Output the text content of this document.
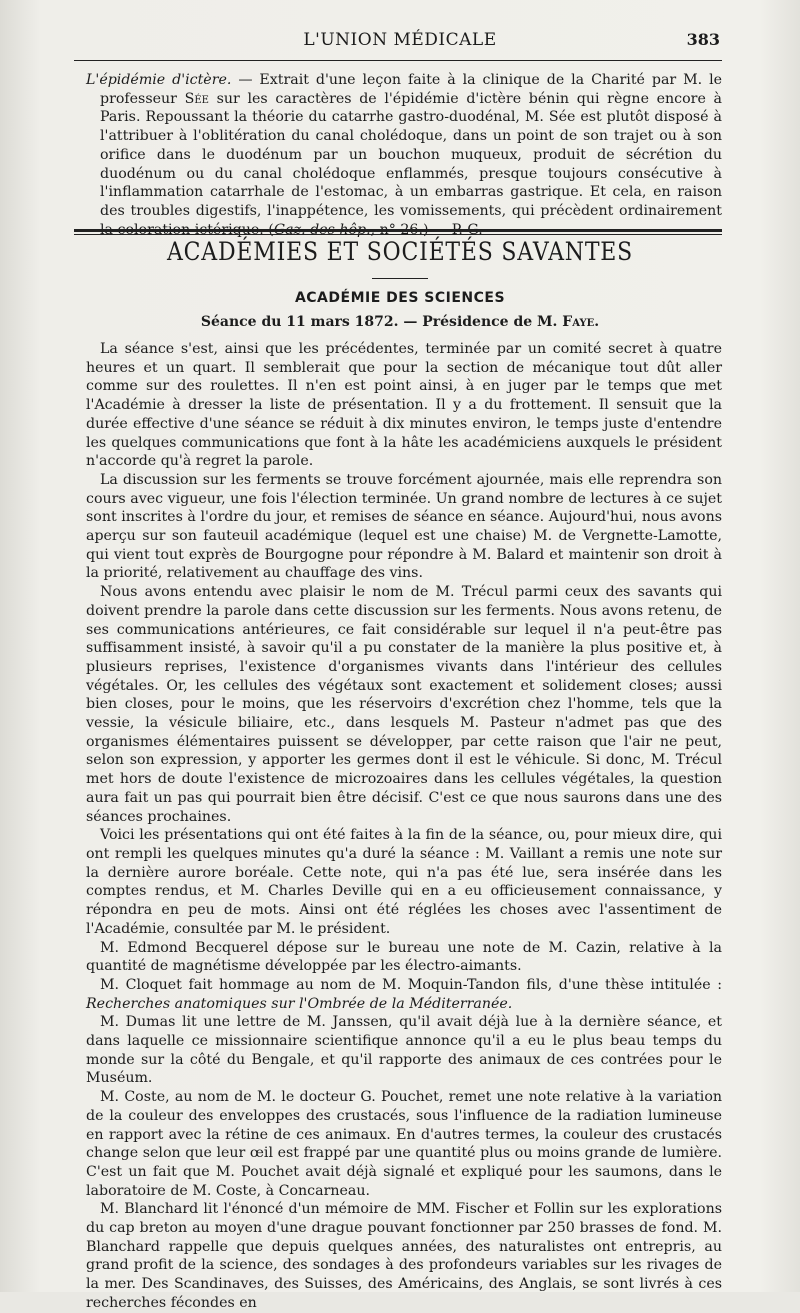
L'UNION MÉDICALE	383

L'épidémie d'ictère. — Extrait d'une leçon faite à la clinique de la Charité par M. le professeur Sée sur les caractères de l'épidémie d'ictère bénin qui règne encore à Paris. Repoussant la théorie du catarrhe gastro-duodénal, M. Sée est plutôt disposé à l'attribuer à l'oblitération du canal cholédoque, dans un point de son trajet ou à son orifice dans le duodénum par un bouchon muqueux, produit de sécrétion du duodénum ou du canal cholédoque enflammés, presque toujours consécutive à l'inflammation catarrhale de l'estomac, à un embarras gastrique. Et cela, en raison des troubles digestifs, l'inappétence, les vomissements, qui précèdent ordinairement

ACADÉMIES ET SOCIÉTÉS SAVANTES
ACADÉMIE DES SCIENCES
Séance du 11 mars 1872. — Présidence de M. Faye.

La séance s'est, ainsi que les précédentes, terminée par un comité secret à quatre heures et un quart. Il semblerait que pour la section de mécanique tout dût aller comme sur des roulettes. Il n'en est point ainsi, à en juger par le temps que met l'Académie à dresser la liste de présentation. Il y a du frottement. Il sensuit que la durée effective d'une séance se réduit à dix minutes environ, le temps juste d'entendre les quelques communications que font à la hâte les académiciens auxquels le président n'accorde qu'à regret la parole.

La discussion sur les ferments se trouve forcément ajournée, mais elle reprendra son cours avec vigueur, une fois l'élection terminée. Un grand nombre de lectures à ce sujet sont inscrites à l'ordre du jour, et remises de séance en séance. Aujourd'hui, nous avons aperçu sur son fauteuil académique (lequel est une chaise) M. de Vergnette-Lamotte, qui vient tout exprès de Bourgogne pour répondre à M. Balard et maintenir son droit à la priorité, relativement au chauffage des vins.

Nous avons entendu avec plaisir le nom de M. Trécul parmi ceux des savants qui doivent prendre la parole dans cette discussion sur les ferments. Nous avons retenu, de ses communications antérieures, ce fait considérable sur lequel il n'a peut-être pas suffisamment insisté, à savoir qu'il a pu constater de la manière la plus positive et, à plusieurs reprises, l'existence d'organismes vivants dans l'intérieur des cellules végétales. Or, les cellules des végétaux sont exactement et solidement closes; aussi bien closes, pour le moins, que les réservoirs d'excrétion chez l'homme, tels que la vessie, la vésicule biliaire, etc., dans lesquels M. Pasteur n'admet pas que des organismes élémentaires puissent se développer, par cette raison que l'air ne peut, selon son expression, y apporter les germes dont il est le véhicule. Si donc, M. Trécul met hors de doute l'existence de microzoaires dans les cellules végétales, la question aura fait un pas qui pourrait bien être décisif. C'est ce que nous saurons dans une des séances prochaines.

Voici les présentations qui ont été faites à la fin de la séance, ou, pour mieux dire, qui ont rempli les quelques minutes qu'a duré la séance : M. Vaillant a remis une note sur la dernière aurore boréale. Cette note, qui n'a pas été lue, sera insérée dans les comptes rendus, et M. Charles Deville qui en a eu officieusement connaissance, y répondra en peu de mots. Ainsi ont été réglées les choses avec l'assentiment de l'Académie, consultée par M. le président.

M. Edmond Becquerel dépose sur le bureau une note de M. Cazin, relative à la quantité de magnétisme développée par les électro-aimants.

M. Cloquet fait hommage au nom de M. Moquin-Tandon fils, d'une thèse intitulée : Recherches anatomiques sur l'Ombrée de la Méditerranée.

M. Dumas lit une lettre de M. Janssen, qu'il avait déjà lue à la dernière séance, et dans laquelle ce missionnaire scientifique annonce qu'il a eu le plus beau temps du monde sur la côté du Bengale, et qu'il rapporte des animaux de ces contrées pour le Muséum.

M. Coste, au nom de M. le docteur G. Pouchet, remet une note relative à la variation de la couleur des enveloppes des crustacés, sous l'influence de la radiation lumineuse en rapport avec la rétine de ces animaux. En d'autres termes, la couleur des crustacés change selon que leur œil est frappé par une quantité plus ou moins grande de lumière. C'est un fait que M. Pouchet avait déjà signalé et expliqué pour les saumons, dans le laboratoire de M. Coste, à Concarneau.

M. Blanchard lit l'énoncé d'un mémoire de MM. Fischer et Follin sur les explorations du cap breton au moyen d'une drague pouvant fonctionner par 250 brasses de fond. M. Blanchard rappelle que depuis quelques années, des naturalistes ont entrepris, au grand profit de la science, des sondages à des profondeurs variables sur les rivages de la mer. Des Scandinaves, des Suisses, des Américains, des Anglais, se sont livrés à ces recherches fécondes en
